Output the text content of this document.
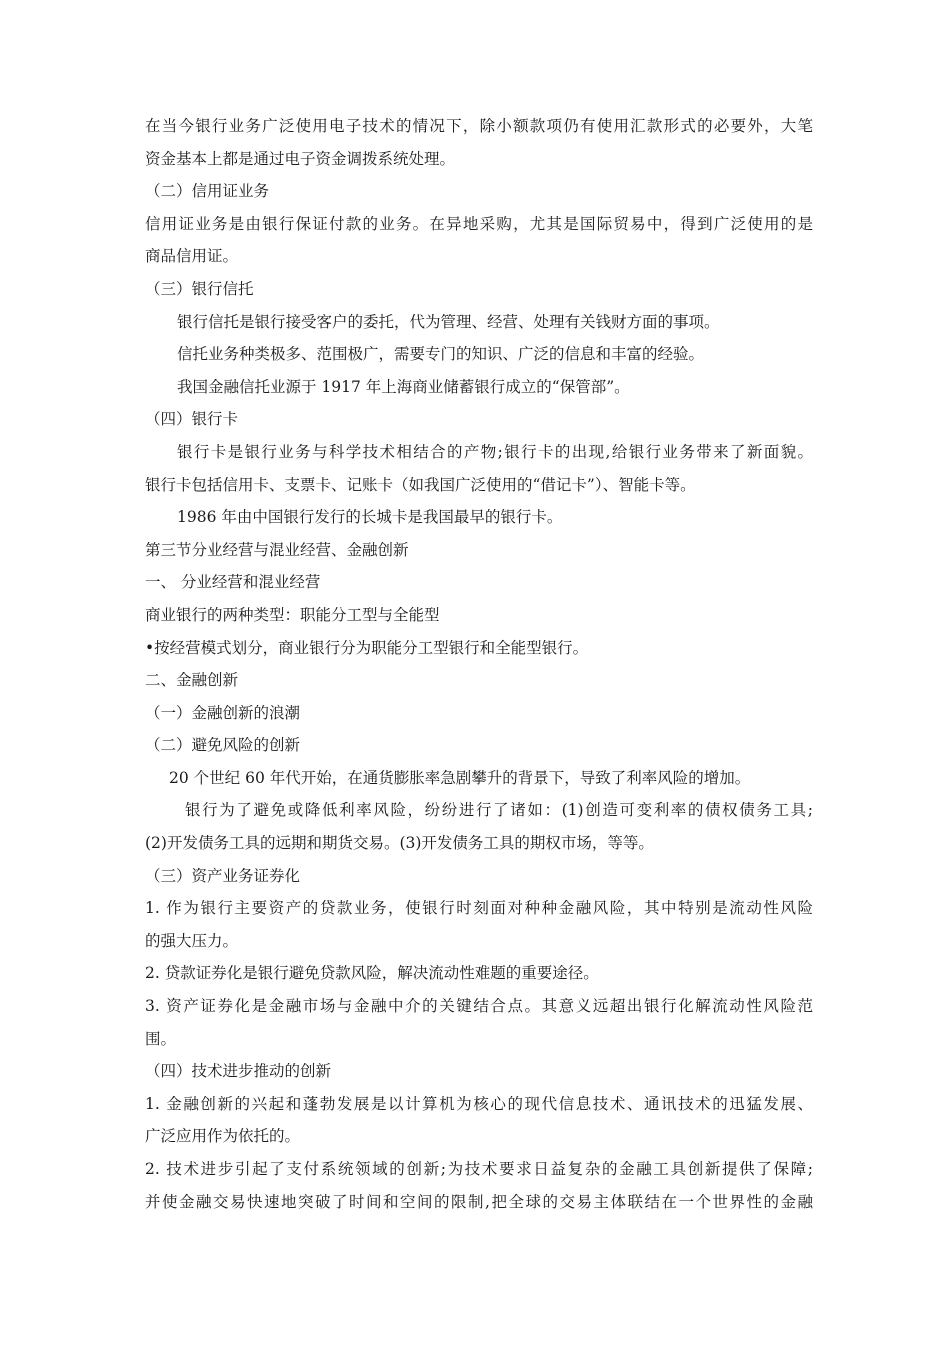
在当今银行业务广泛使用电子技术的情况下，除小额款项仍有使用汇款形式的必要外，大笔
资金基本上都是通过电子资金调拨系统处理。
（二）信用证业务
信用证业务是由银行保证付款的业务。在异地采购，尤其是国际贸易中，得到广泛使用的是
商品信用证。
（三）银行信托
银行信托是银行接受客户的委托，代为管理、经营、处理有关钱财方面的事项。
信托业务种类极多、范围极广，需要专门的知识、广泛的信息和丰富的经验。
我国金融信托业源于 1917 年上海商业储蓄银行成立的“保管部”。
（四）银行卡
银行卡是银行业务与科学技术相结合的产物;银行卡的出现,给银行业务带来了新面貌。
银行卡包括信用卡、支票卡、记账卡（如我国广泛使用的“借记卡”）、智能卡等。
1986 年由中国银行发行的长城卡是我国最早的银行卡。
第三节分业经营与混业经营、金融创新
一、 分业经营和混业经营
商业银行的两种类型：职能分工型与全能型
•按经营模式划分，商业银行分为职能分工型银行和全能型银行。
二、金融创新
（一）金融创新的浪潮
（二）避免风险的创新
20 个世纪 60 年代开始，在通货膨胀率急剧攀升的背景下，导致了利率风险的增加。
银行为了避免或降低利率风险，纷纷进行了诸如：(1)创造可变利率的债权债务工具;
(2)开发债务工具的远期和期货交易。(3)开发债务工具的期权市场，等等。
（三）资产业务证券化
1. 作为银行主要资产的贷款业务，使银行时刻面对种种金融风险，其中特别是流动性风险
的强大压力。
2. 贷款证券化是银行避免贷款风险，解决流动性难题的重要途径。
3. 资产证券化是金融市场与金融中介的关键结合点。其意义远超出银行化解流动性风险范
围。
（四）技术进步推动的创新
1. 金融创新的兴起和蓬勃发展是以计算机为核心的现代信息技术、通讯技术的迅猛发展、
广泛应用作为依托的。
2. 技术进步引起了支付系统领域的创新;为技术要求日益复杂的金融工具创新提供了保障;
并使金融交易快速地突破了时间和空间的限制,把全球的交易主体联结在一个世界性的金融
